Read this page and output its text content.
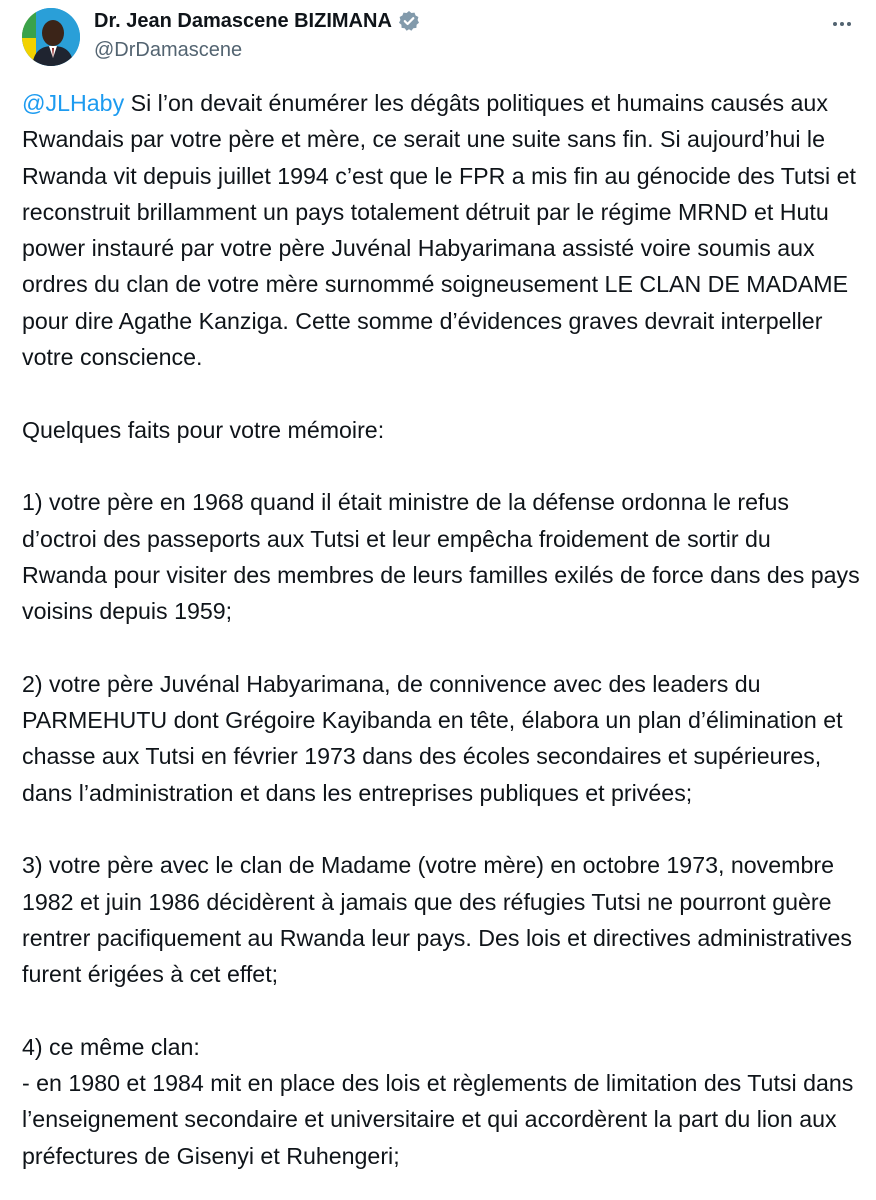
Dr. Jean Damascene BIZIMANA
@DrDamascene

@JLHaby Si l’on devait énumérer les dégâts politiques et humains causés aux Rwandais par votre père et mère, ce serait une suite sans fin. Si aujourd’hui le Rwanda vit depuis juillet 1994 c’est que le FPR a mis fin au génocide des Tutsi et reconstruit brillamment un pays totalement détruit par le régime MRND et Hutu power instauré par votre père Juvénal Habyarimana assisté voire soumis aux ordres du clan de votre mère surnommé soigneusement LE CLAN DE MADAME pour dire Agathe Kanziga. Cette somme d’évidences graves devrait interpeller votre conscience.

Quelques faits pour votre mémoire:

1) votre père en 1968 quand il était ministre de la défense ordonna le refus d’octroi des passeports aux Tutsi et leur empêcha froidement de sortir du Rwanda pour visiter des membres de leurs familles exilés de force dans des pays voisins depuis 1959;

2) votre père Juvénal Habyarimana, de connivence avec des leaders du PARMEHUTU dont Grégoire Kayibanda en tête, élabora un plan d’élimination et chasse aux Tutsi en février 1973 dans des écoles secondaires et supérieures, dans l’administration et dans les entreprises publiques et privées;

3) votre père avec le clan de Madame (votre mère) en octobre 1973, novembre 1982 et juin 1986 décidèrent à jamais que des réfugies Tutsi ne pourront guère rentrer pacifiquement au Rwanda leur pays. Des lois et directives administratives furent érigées à cet effet;

4) ce même clan:

- en 1980 et 1984 mit en place des lois et règlements de limitation des Tutsi dans l’enseignement secondaire et universitaire et qui accordèrent la part du lion aux préfectures de Gisenyi et Ruhengeri;
